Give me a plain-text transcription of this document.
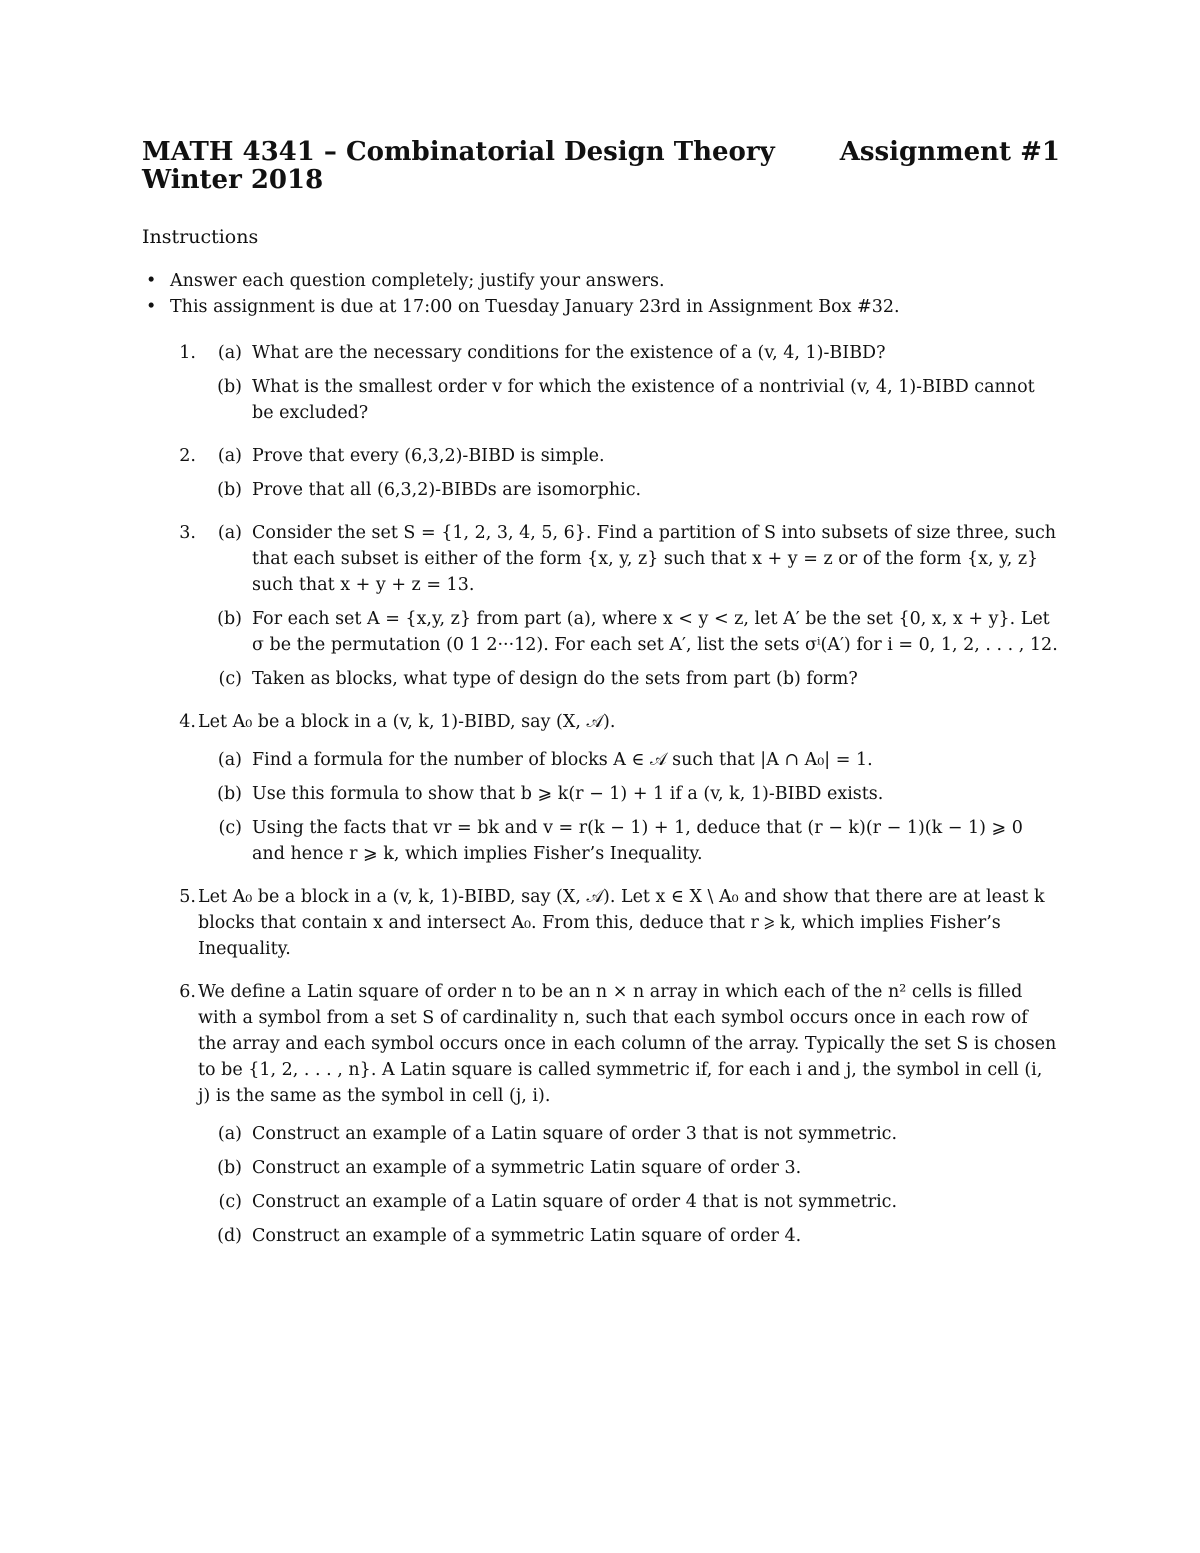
MATH 4341 – Combinatorial Design Theory Assignment #1
Winter 2018
Instructions
• Answer each question completely; justify your answers.
• This assignment is due at 17:00 on Tuesday January 23rd in Assignment Box #32.
1.	(a) What are the necessary conditions for the existence of a (v, 4, 1)-BIBD?
(b) What is the smallest order v for which the existence of a nontrivial (v, 4, 1)-BIBD cannot be excluded?
2.	(a) Prove that every (6,3,2)-BIBD is simple.
(b) Prove that all (6,3,2)-BIBDs are isomorphic.
3.	(a) Consider the set S = {1, 2, 3, 4, 5, 6}. Find a partition of S into subsets of size three, such that each subset is either of the form {x, y, z} such that x + y = z or of the form {x, y, z} such that x + y + z = 13.
(b) For each set A = {x,y, z} from part (a), where x < y < z, let A′ be the set {0, x, x + y}. Let σ be the permutation (0 1 2···12). For each set A′, list the sets σⁱ(A′) for i = 0, 1, 2, . . . , 12.
(c) Taken as blocks, what type of design do the sets from part (b) form?
4. Let A₀ be a block in a (v, k, 1)-BIBD, say (X, 𝒜).
(a) Find a formula for the number of blocks A ∈ 𝒜 such that |A ∩ A₀| = 1.
(b) Use this formula to show that b ⩾ k(r − 1) + 1 if a (v, k, 1)-BIBD exists.
(c) Using the facts that vr = bk and v = r(k − 1) + 1, deduce that (r − k)(r − 1)(k − 1) ⩾ 0 and hence r ⩾ k, which implies Fisher’s Inequality.
5. Let A₀ be a block in a (v, k, 1)-BIBD, say (X, 𝒜). Let x ∈ X \ A₀ and show that there are at least k blocks that contain x and intersect A₀. From this, deduce that r ⩾ k, which implies Fisher’s Inequality.
6. We define a Latin square of order n to be an n × n array in which each of the n² cells is filled with a symbol from a set S of cardinality n, such that each symbol occurs once in each row of the array and each symbol occurs once in each column of the array. Typically the set S is chosen to be {1, 2, . . . , n}. A Latin square is called symmetric if, for each i and j, the symbol in cell (i, j) is the same as the symbol in cell (j, i).
(a) Construct an example of a Latin square of order 3 that is not symmetric.
(b) Construct an example of a symmetric Latin square of order 3.
(c) Construct an example of a Latin square of order 4 that is not symmetric.
(d) Construct an example of a symmetric Latin square of order 4.
